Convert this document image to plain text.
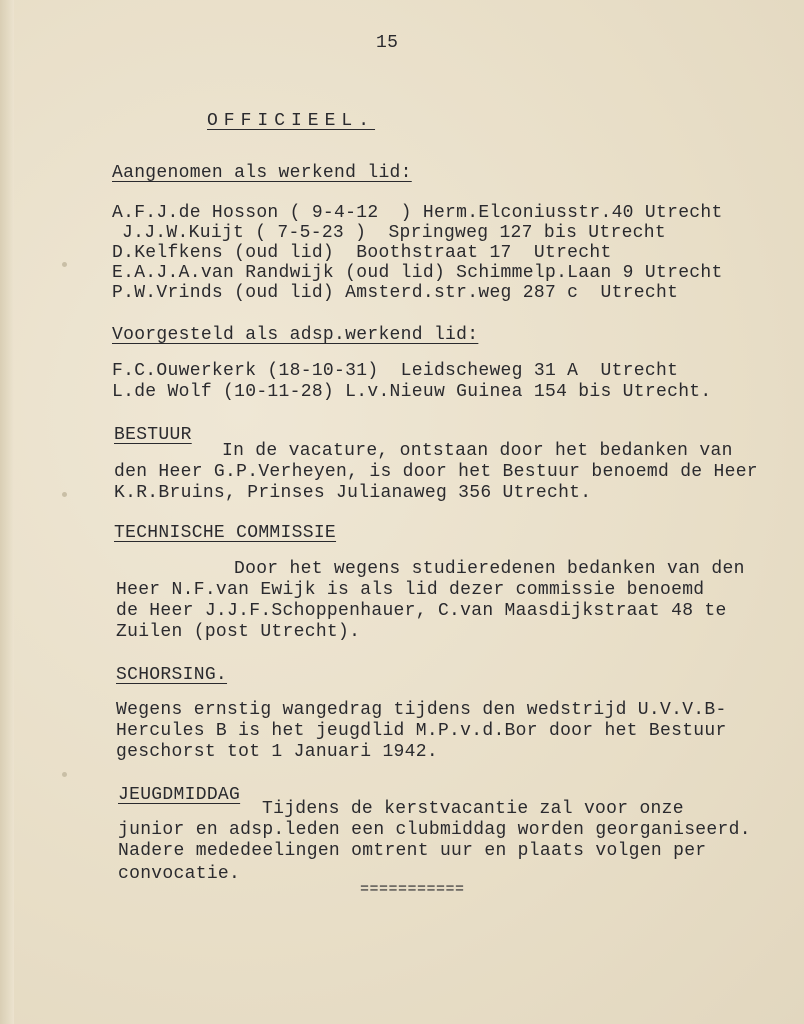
15
OFFICIEEL.
Aangenomen als werkend lid:
A.F.J.de Hosson ( 9-4-12  ) Herm.Elconiusstr.40 Utrecht
J.J.W.Kuijt ( 7-5-23 )  Springweg 127 bis Utrecht
D.Kelfkens (oud lid)  Boothstraat 17  Utrecht
E.A.J.A.van Randwijk (oud lid) Schimmelp.Laan 9 Utrecht
P.W.Vrinds (oud lid) Amsterd.str.weg 287 c  Utrecht
Voorgesteld als adsp.werkend lid:
F.C.Ouwerkerk (18-10-31)  Leidscheweg 31 A  Utrecht
L.de Wolf (10-11-28) L.v.Nieuw Guinea 154 bis Utrecht.
BESTUUR
In de vacature, ontstaan door het bedanken van
den Heer G.P.Verheyen, is door het Bestuur benoemd de Heer
K.R.Bruins, Prinses Julianaweg 356 Utrecht.
TECHNISCHE COMMISSIE
Door het wegens studieredenen bedanken van den
Heer N.F.van Ewijk is als lid dezer commissie benoemd
de Heer J.J.F.Schoppenhauer, C.van Maasdijkstraat 48 te
Zuilen (post Utrecht).
SCHORSING.
Wegens ernstig wangedrag tijdens den wedstrijd U.V.V.B-
Hercules B is het jeugdlid M.P.v.d.Bor door het Bestuur
geschorst tot 1 Januari 1942.
JEUGDMIDDAG
Tijdens de kerstvacantie zal voor onze
junior en adsp.leden een clubmiddag worden georganiseerd.
Nadere mededeelingen omtrent uur en plaats volgen per
convocatie.
===========
